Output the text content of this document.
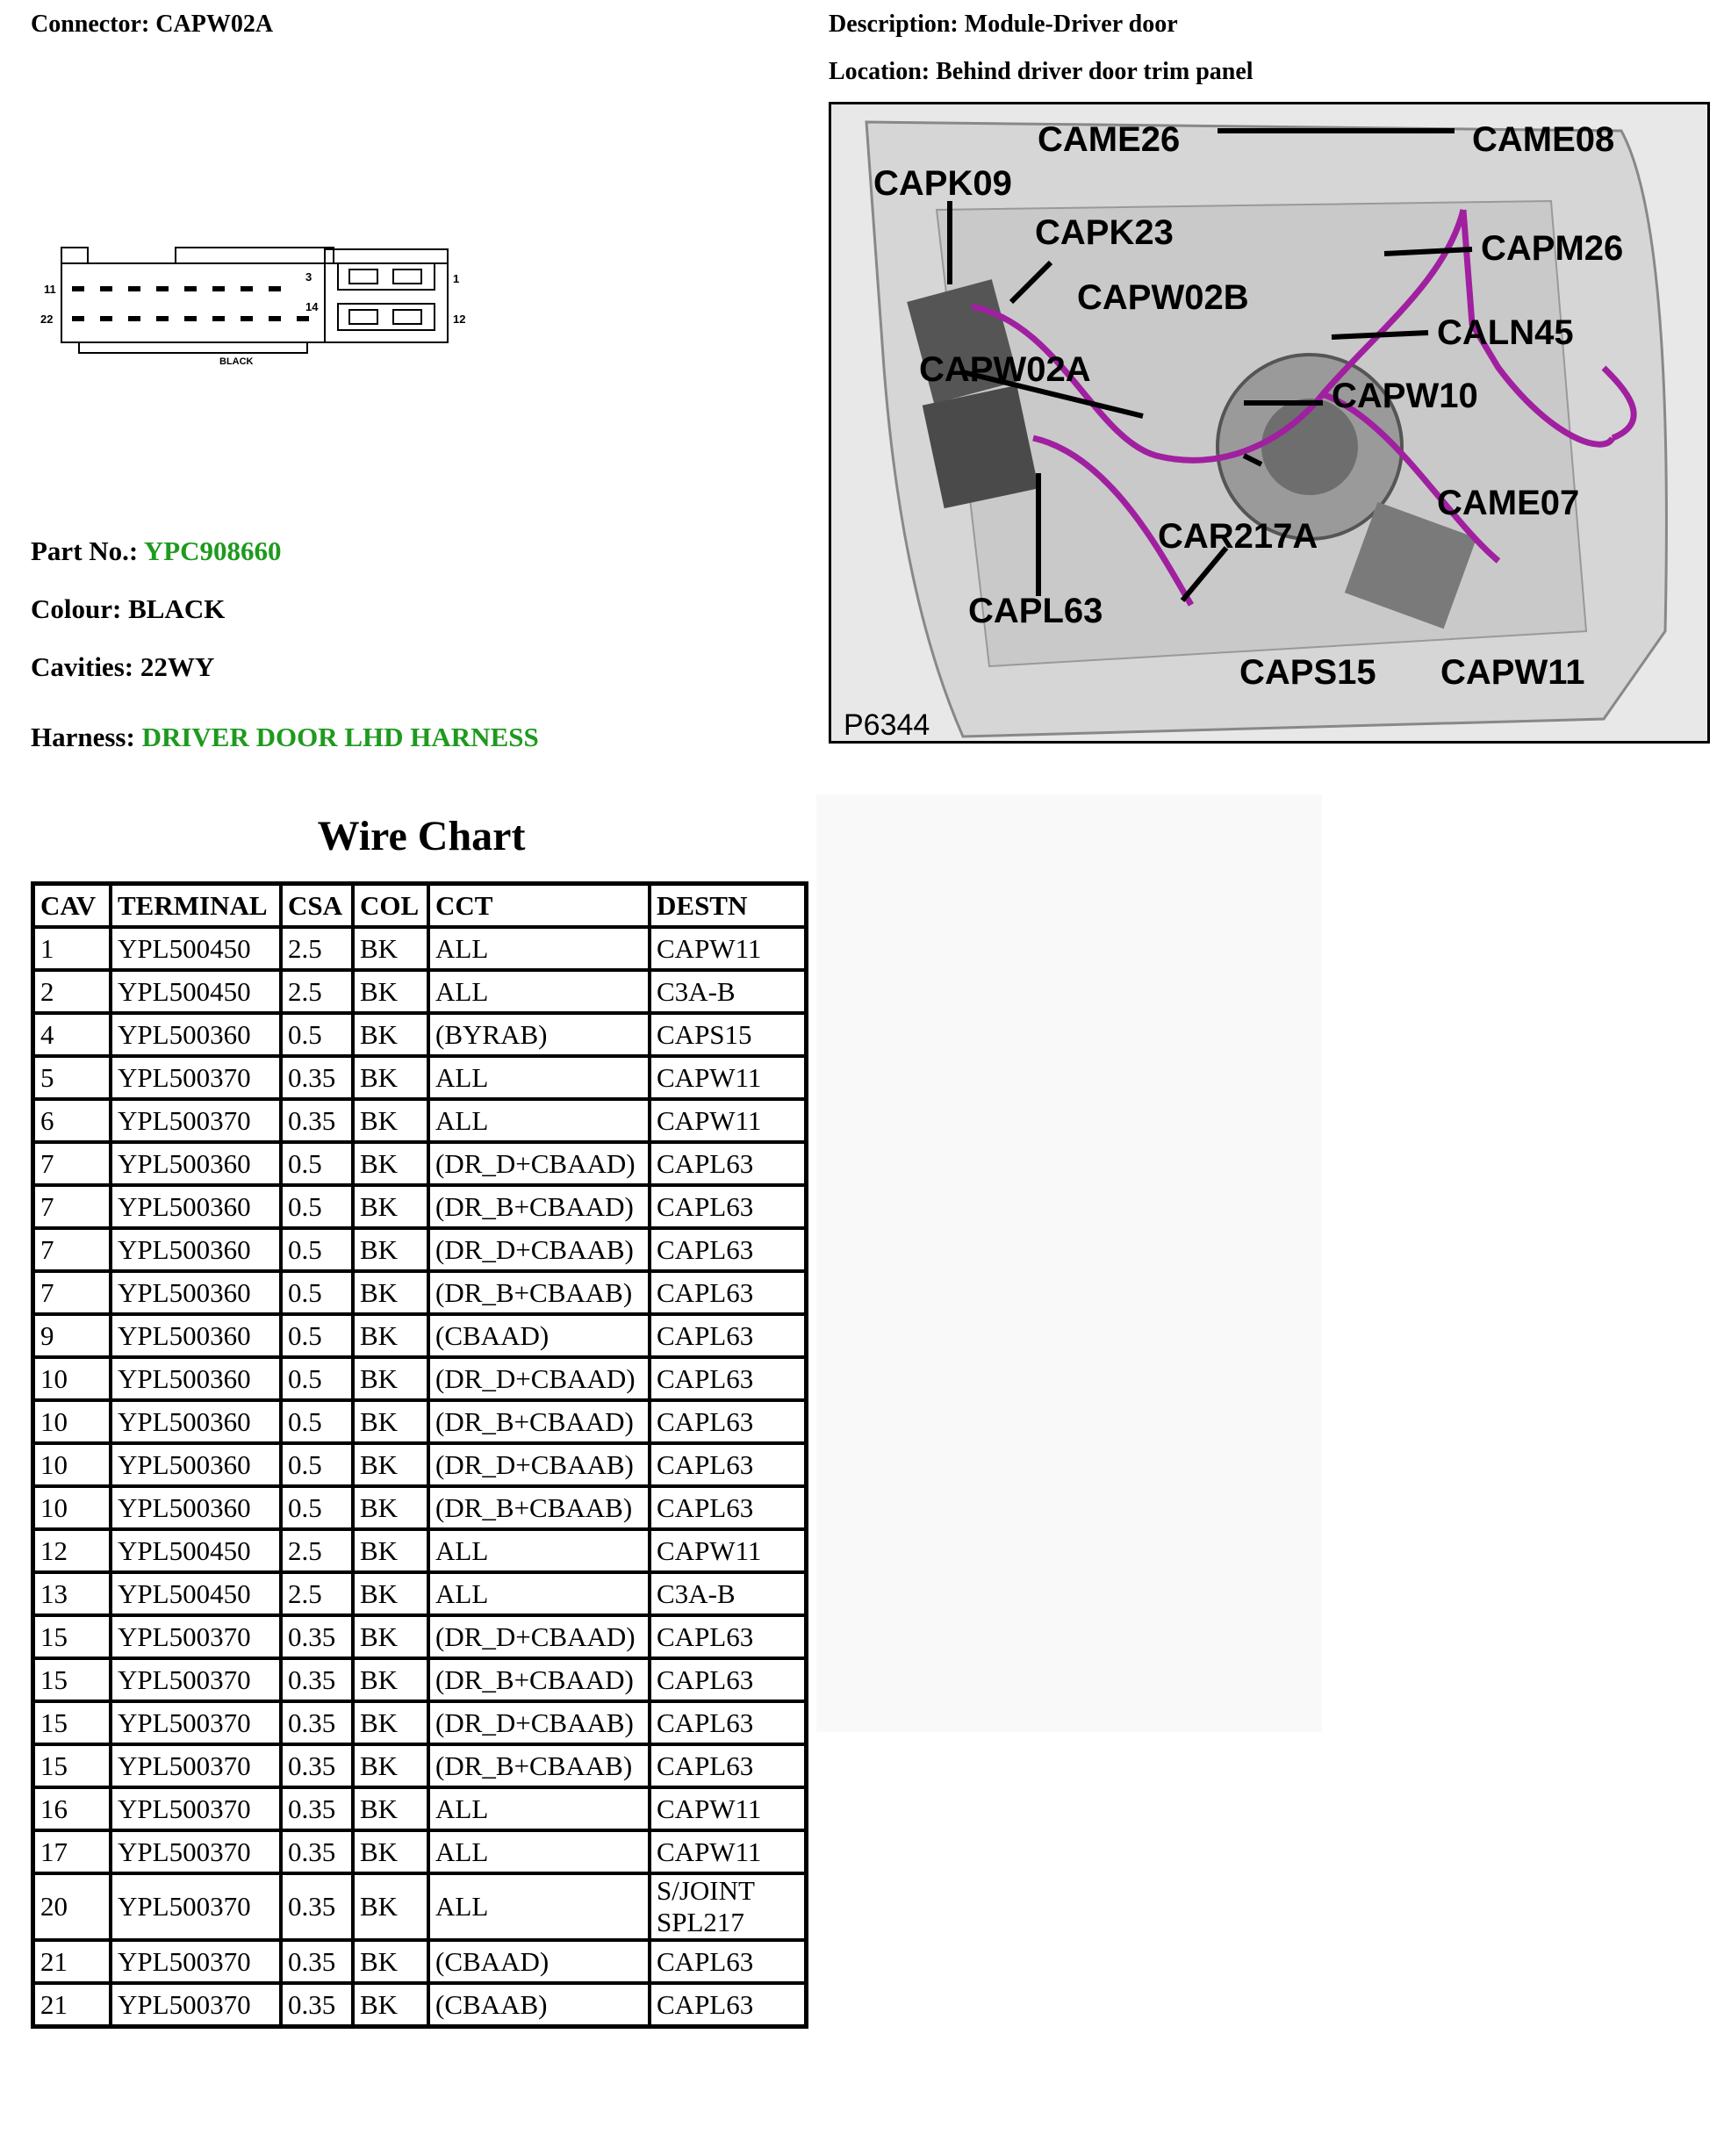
Connector: CAPW02A	Description: Module-Driver door
Location: Behind driver door trim panel
1
3
11
12
14
22
BLACK
Part No.: YPC908660
Colour: BLACK
Cavities: 22WY
Harness: DRIVER DOOR LHD HARNESS
CAME26	CAME08
CAPK09
CAPK23	CAPM26
CAPW02B
CALN45
CAPW02A
CAPW10
CAME07
CAR217A
CAPL63
CAPS15 CAPW11
P6344
Wire Chart
CAV	TERMINAL	CSA	COL	CCT	DESTN
1	YPL500450	2.5	BK	ALL	CAPW11
2	YPL500450	2.5	BK	ALL	C3A-B
4	YPL500360	0.5	BK	(BYRAB)	CAPS15
5	YPL500370	0.35	BK	ALL	CAPW11
6	YPL500370	0.35	BK	ALL	CAPW11
7	YPL500360	0.5	BK	(DR_D+CBAAD)	CAPL63
7	YPL500360	0.5	BK	(DR_B+CBAAD)	CAPL63
7	YPL500360	0.5	BK	(DR_D+CBAAB)	CAPL63
7	YPL500360	0.5	BK	(DR_B+CBAAB)	CAPL63
9	YPL500360	0.5	BK	(CBAAD)	CAPL63
10	YPL500360	0.5	BK	(DR_D+CBAAD)	CAPL63
10	YPL500360	0.5	BK	(DR_B+CBAAD)	CAPL63
10	YPL500360	0.5	BK	(DR_D+CBAAB)	CAPL63
10	YPL500360	0.5	BK	(DR_B+CBAAB)	CAPL63
12	YPL500450	2.5	BK	ALL	CAPW11
13	YPL500450	2.5	BK	ALL	C3A-B
15	YPL500370	0.35	BK	(DR_D+CBAAD)	CAPL63
15	YPL500370	0.35	BK	(DR_B+CBAAD)	CAPL63
15	YPL500370	0.35	BK	(DR_D+CBAAB)	CAPL63
15	YPL500370	0.35	BK	(DR_B+CBAAB)	CAPL63
16	YPL500370	0.35	BK	ALL	CAPW11
17	YPL500370	0.35	BK	ALL	CAPW11
20	YPL500370	0.35	BK	ALL	S/JOINT SPL217
21	YPL500370	0.35	BK	(CBAAD)	CAPL63
21	YPL500370	0.35	BK	(CBAAB)	CAPL63
